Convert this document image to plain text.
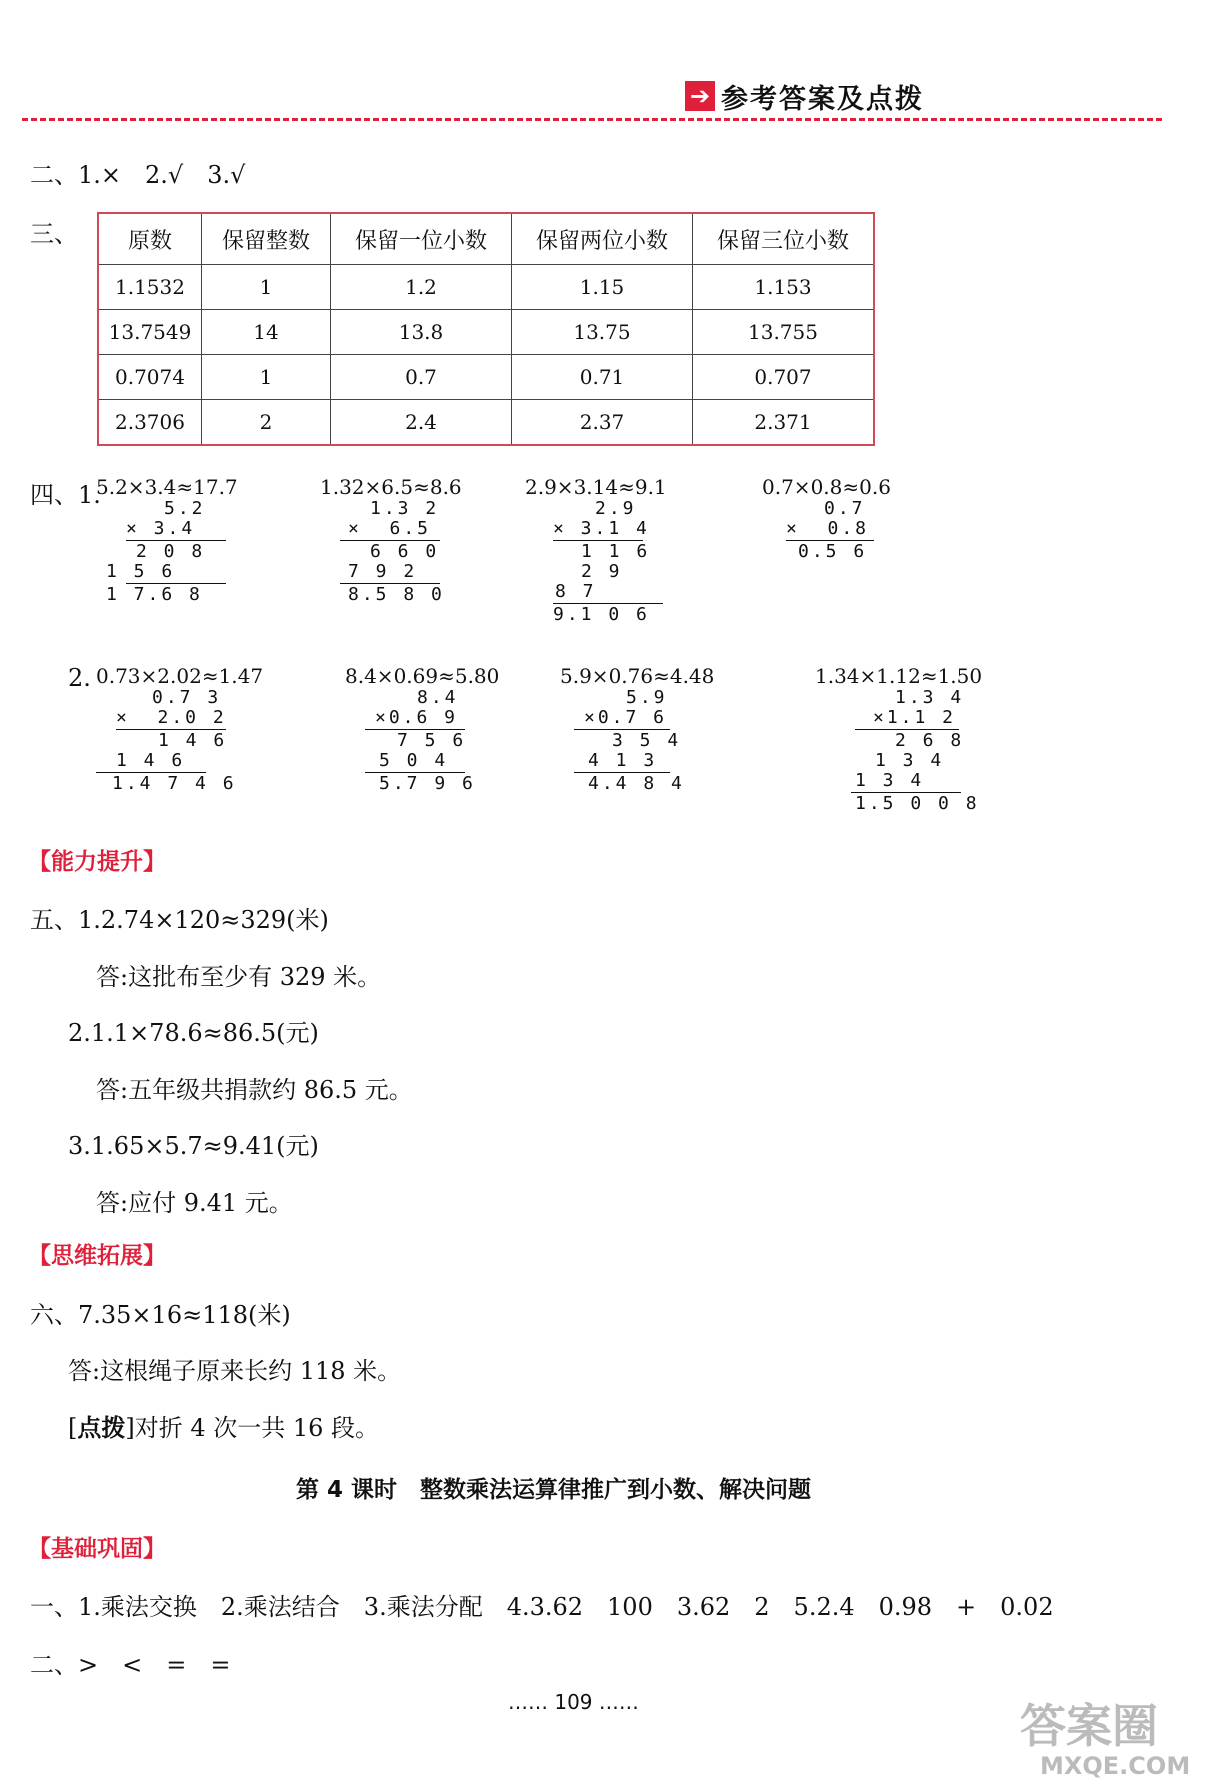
➔ 参考答案及点拨
二、1.×　2.√　3.√
三、 原数	保留整数	保留一位小数	保留两位小数	保留三位小数
1.1532	1	1.2	1.15	1.153
13.7549	14	13.8	13.75	13.755
0.7074	1	0.7	0.71	0.707
2.3706	2	2.4	2.37	2.371
四、1.
5.2×3.4≈17.7
5.2
× 3.4
2 0 8
1 5 6
1 7.6 8
1.32×6.5≈8.6
1.3 2
×  6.5
6 6 0
7 9 2
8.5 8 0
2.9×3.14≈9.1
2.9
× 3.1 4
1 1 6
2 9
8 7
9.1 0 6
0.7×0.8≈0.6
0.7
×  0.8
0.5 6
2. 0.73×2.02≈1.47
0.7 3
×  2.0 2
1 4 6
1 4 6
1.4 7 4 6
8.4×0.69≈5.80
8.4
×0.6 9
7 5 6
5 0 4
5.7 9 6
5.9×0.76≈4.48
5.9
×0.7 6
3 5 4
4 1 3
4.4 8 4
1.34×1.12≈1.50
1.3 4
×1.1 2
2 6 8
1 3 4
1 3 4
1.5 0 0 8
【能力提升】
五、1.2.74×120≈329(米)
答:这批布至少有 329 米。
2.1.1×78.6≈86.5(元)
答:五年级共捐款约 86.5 元。
3.1.65×5.7≈9.41(元)
答:应付 9.41 元。
【思维拓展】
六、7.35×16≈118(米)
答:这根绳子原来长约 118 米。
[点拨]对折 4 次一共 16 段。
第 4 课时　整数乘法运算律推广到小数、解决问题
【基础巩固】
一、1.乘法交换　2.乘法结合　3.乘法分配　4.3.62　100　3.62　2　5.2.4　0.98　+　0.02
二、>　<　=　=
…… 109 ……	答案圈
MXQE.COM
